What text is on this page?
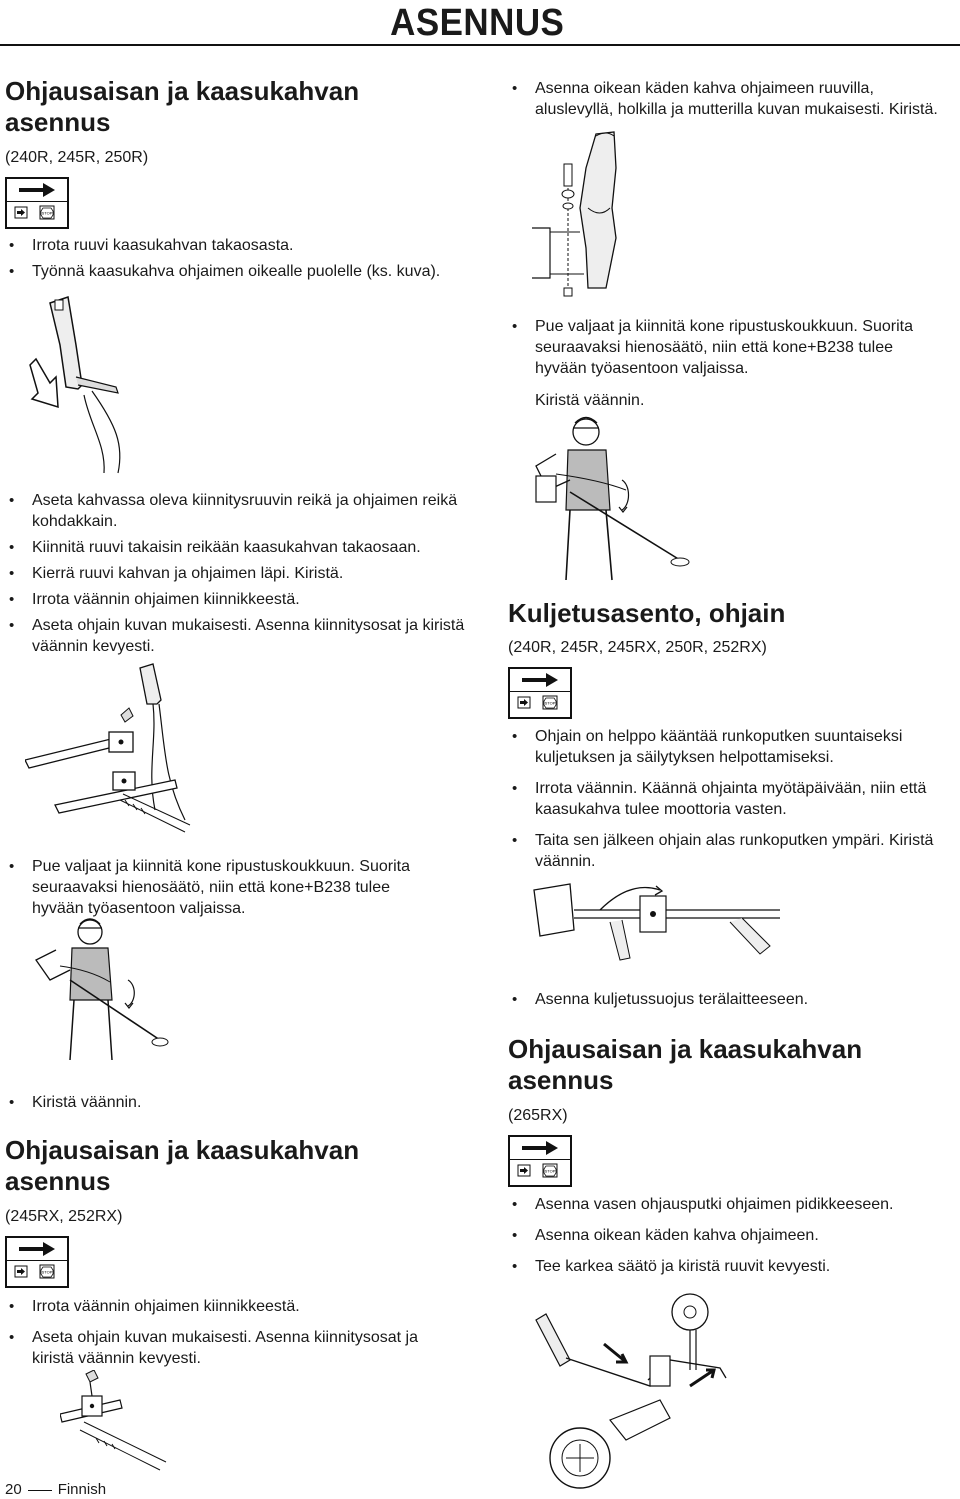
ASENNUS
Ohjausaisan ja kaasukahvan asennus
(240R, 245R, 250R)
STOP
• Irrota ruuvi kaasukahvan takaosasta.
• Työnnä kaasukahva ohjaimen oikealle puolelle (ks. kuva).
• Aseta kahvassa oleva kiinnitysruuvin reikä ja ohjaimen reikä kohdakkain.
• Kiinnitä ruuvi takaisin reikään kaasukahvan takaosaan.
• Kierrä ruuvi kahvan ja ohjaimen läpi. Kiristä.
• Irrota väännin ohjaimen kiinnikkeestä.
• Aseta ohjain kuvan mukaisesti. Asenna kiinnitysosat ja kiristä väännin kevyesti.
• Pue valjaat ja kiinnitä kone ripustuskoukkuun. Suorita seuraavaksi hienosäätö, niin että kone+B238 tulee hyvään työasentoon valjaissa.
• Kiristä väännin.
Ohjausaisan ja kaasukahvan asennus
(245RX, 252RX)
STOP
• Irrota väännin ohjaimen kiinnikkeestä.
• Aseta ohjain kuvan mukaisesti. Asenna kiinnitysosat ja kiristä väännin kevyesti.
20 Finnish
• Asenna oikean käden kahva ohjaimeen ruuvilla, aluslevyllä, holkilla ja mutterilla kuvan mukaisesti. Kiristä.
• Pue valjaat ja kiinnitä kone ripustuskoukkuun. Suorita seuraavaksi hienosäätö, niin että kone+B238 tulee hyvään työasentoon valjaissa.
Kiristä väännin.
Kuljetusasento, ohjain
(240R, 245R, 245RX, 250R, 252RX)
STOP
• Ohjain on helppo kääntää runkoputken suuntaiseksi kuljetuksen ja säilytyksen helpottamiseksi.
• Irrota väännin. Käännä ohjainta myötäpäivään, niin että kaasukahva tulee moottoria vasten.
• Taita sen jälkeen ohjain alas runkoputken ympäri. Kiristä väännin.
• Asenna kuljetussuojus terälaitteeseen.
Ohjausaisan ja kaasukahvan asennus
(265RX)
STOP
• Asenna vasen ohjausputki ohjaimen pidikkeeseen.
• Asenna oikean käden kahva ohjaimeen.
• Tee karkea säätö ja kiristä ruuvit kevyesti.
